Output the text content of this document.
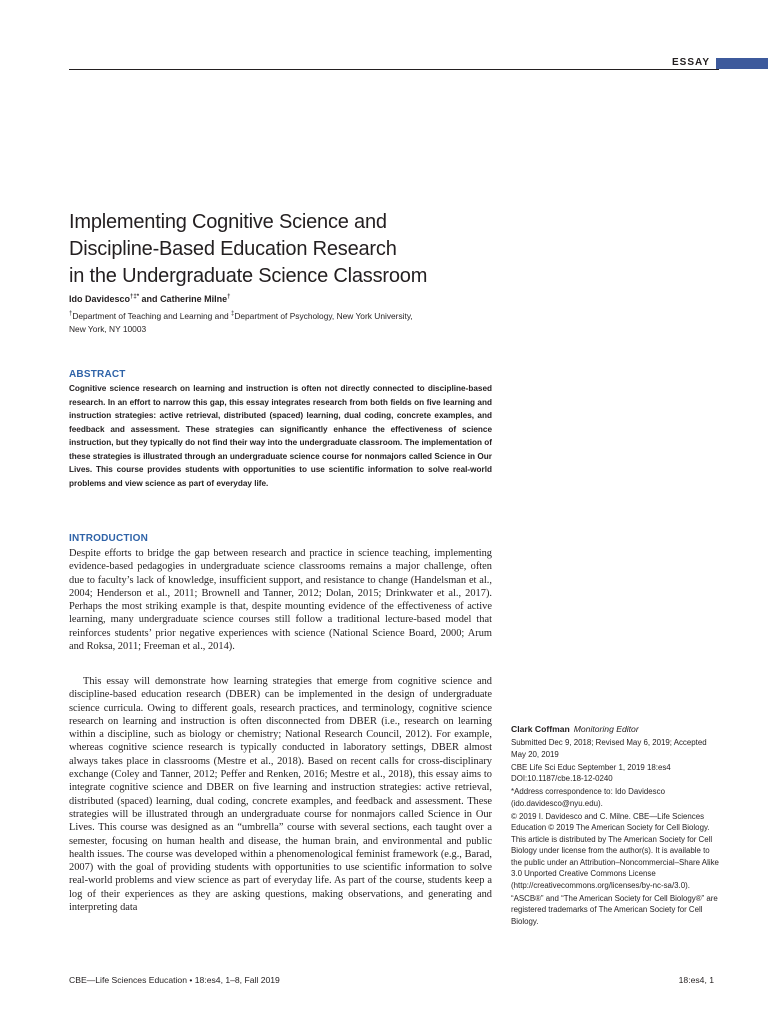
ESSAY
Implementing Cognitive Science and
Discipline-Based Education Research
in the Undergraduate Science Classroom
Ido Davidesco†‡* and Catherine Milne†
†Department of Teaching and Learning and ‡Department of Psychology, New York University,
New York, NY 10003
ABSTRACT

Cognitive science research on learning and instruction is often not directly connected to discipline-based research. In an effort to narrow this gap, this essay integrates research from both fields on five learning and instruction strategies: active retrieval, distributed (spaced) learning, dual coding, concrete examples, and feedback and assessment. These strategies can significantly enhance the effectiveness of science instruction, but they typically do not find their way into the undergraduate classroom. The implementation of these strategies is illustrated through an undergraduate science course for nonmajors called Science in Our Lives. This course provides students with opportunities to use scientific information to solve real-world problems and view science as part of everyday life.

INTRODUCTION

Despite efforts to bridge the gap between research and practice in science teaching, implementing evidence-based pedagogies in undergraduate science classrooms remains a major challenge, often due to faculty’s lack of knowledge, insufficient support, and resistance to change (Handelsman et al., 2004; Henderson et al., 2011; Brownell and Tanner, 2012; Dolan, 2015; Drinkwater et al., 2017). Perhaps the most striking example is that, despite mounting evidence of the effectiveness of active learning, many undergraduate science courses still follow a traditional lecture-based model that reinforces students’ prior negative experiences with science (National Science Board, 2000; Arum and Roksa, 2011; Freeman et al., 2014).

This essay will demonstrate how learning strategies that emerge from cognitive science and discipline-based education research (DBER) can be implemented in the design of undergraduate science curricula. Owing to different goals, research practices, and terminology, cognitive science research on learning and instruction is often disconnected from DBER (i.e., research on learning within a discipline, such as biology or chemistry; National Research Council, 2012). For example, whereas cognitive science research is typically conducted in laboratory settings, DBER almost always takes place in classrooms (Mestre et al., 2018). Based on recent calls for cross-disciplinary exchange (Coley and Tanner, 2012; Peffer and Renken, 2016; Mestre et al., 2018), this essay aims to integrate cognitive science and DBER on five learning and instruction strategies: active retrieval, distributed (spaced) learning, dual coding, concrete examples, and feedback and assessment. These strategies will be illustrated through an undergraduate course for nonmajors called Science in Our Lives. This course was designed as an “umbrella” course with several sections, each taught over a semester, focusing on human health and disease, the human brain, and environmental and public health issues. The course was developed within a phenomenological feminist framework (e.g., Barad, 2007) with the goal of providing students with opportunities to use scientific information to solve real-world problems and view science as part of everyday life. As part of the course, students keep a log of their experiences as they are asking questions, making observations, and generating and interpreting data

Clark Coffman Monitoring Editor

Submitted Dec 9, 2018; Revised May 6, 2019; Accepted May 20, 2019

CBE Life Sci Educ September 1, 2019 18:es4
DOI:10.1187/cbe.18-12-0240

*Address correspondence to: Ido Davidesco (ido.davidesco@nyu.edu).

© 2019 I. Davidesco and C. Milne. CBE—Life Sciences Education © 2019 The American Society for Cell Biology. This article is distributed by The American Society for Cell Biology under license from the author(s). It is available to the public under an Attribution–Noncommercial–Share Alike 3.0 Unported Creative Commons License (http://creativecommons.org/licenses/by-nc-sa/3.0).

“ASCB®” and “The American Society for Cell Biology®” are registered trademarks of The American Society for Cell Biology.

CBE—Life Sciences Education • 18:es4, 1–8, Fall 2019	18:es4, 1
